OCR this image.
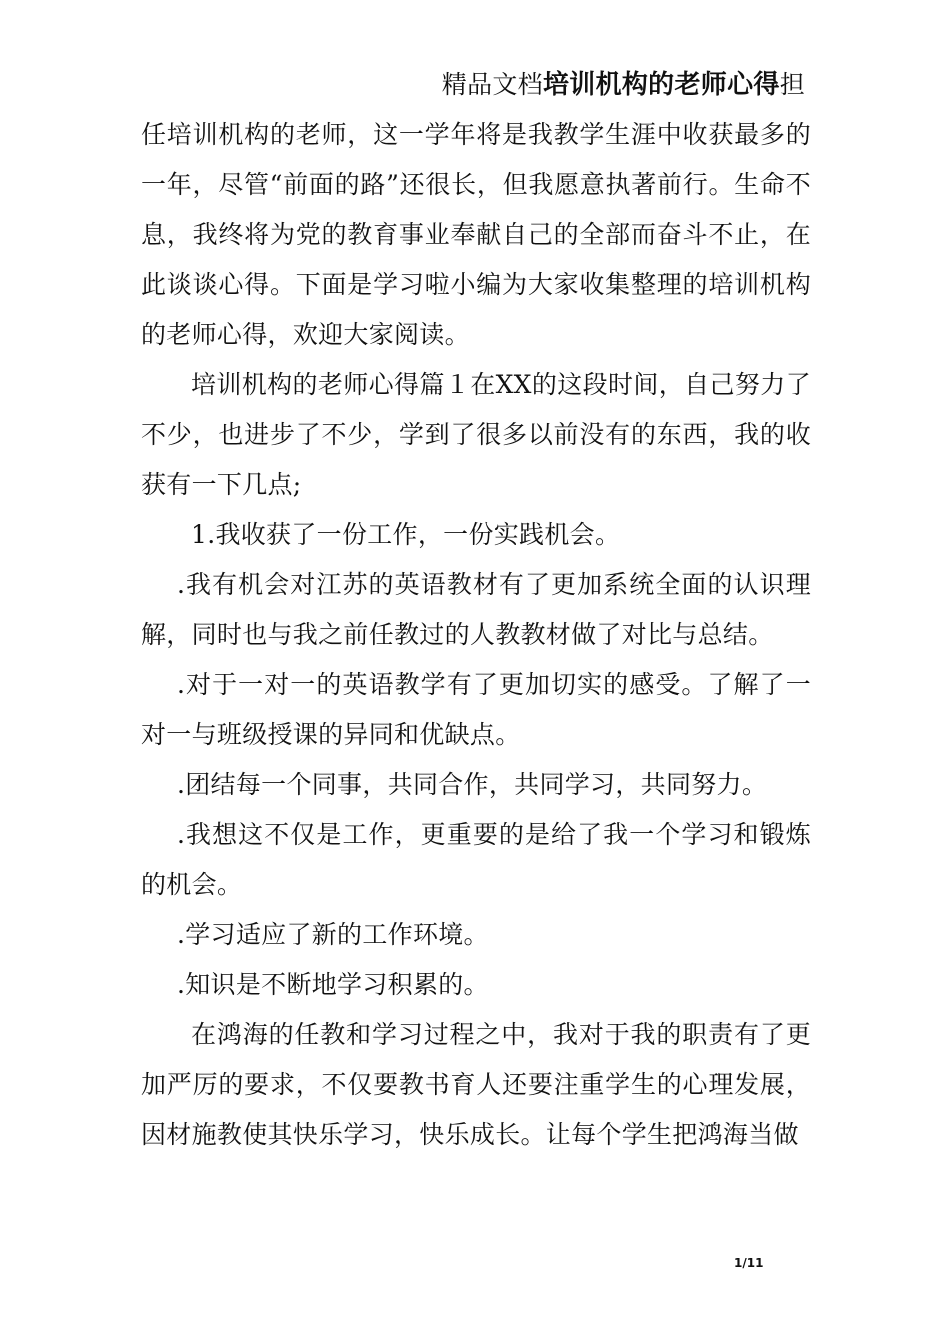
精品文档培训机构的老师心得担

任培训机构的老师，这一学年将是我教学生涯中收获最多的一年，尽管“前面的路”还很长，但我愿意执著前行。生命不息，我终将为党的教育事业奉献自己的全部而奋斗不止，在此谈谈心得。下面是学习啦小编为大家收集整理的培训机构的老师心得，欢迎大家阅读。

培训机构的老师心得篇１在XX的这段时间，自己努力了不少，也进步了不少，学到了很多以前没有的东西，我的收获有一下几点;

1.我收获了一份工作，一份实践机会。

.我有机会对江苏的英语教材有了更加系统全面的认识理解，同时也与我之前任教过的人教教材做了对比与总结。

.对于一对一的英语教学有了更加切实的感受。了解了一对一与班级授课的异同和优缺点。

.团结每一个同事，共同合作，共同学习，共同努力。

.我想这不仅是工作，更重要的是给了我一个学习和锻炼的机会。

.学习适应了新的工作环境。

.知识是不断地学习积累的。

在鸿海的任教和学习过程之中，我对于我的职责有了更加严厉的要求，不仅要教书育人还要注重学生的心理发展，因材施教使其快乐学习，快乐成长。让每个学生把鸿海当做

1/11
